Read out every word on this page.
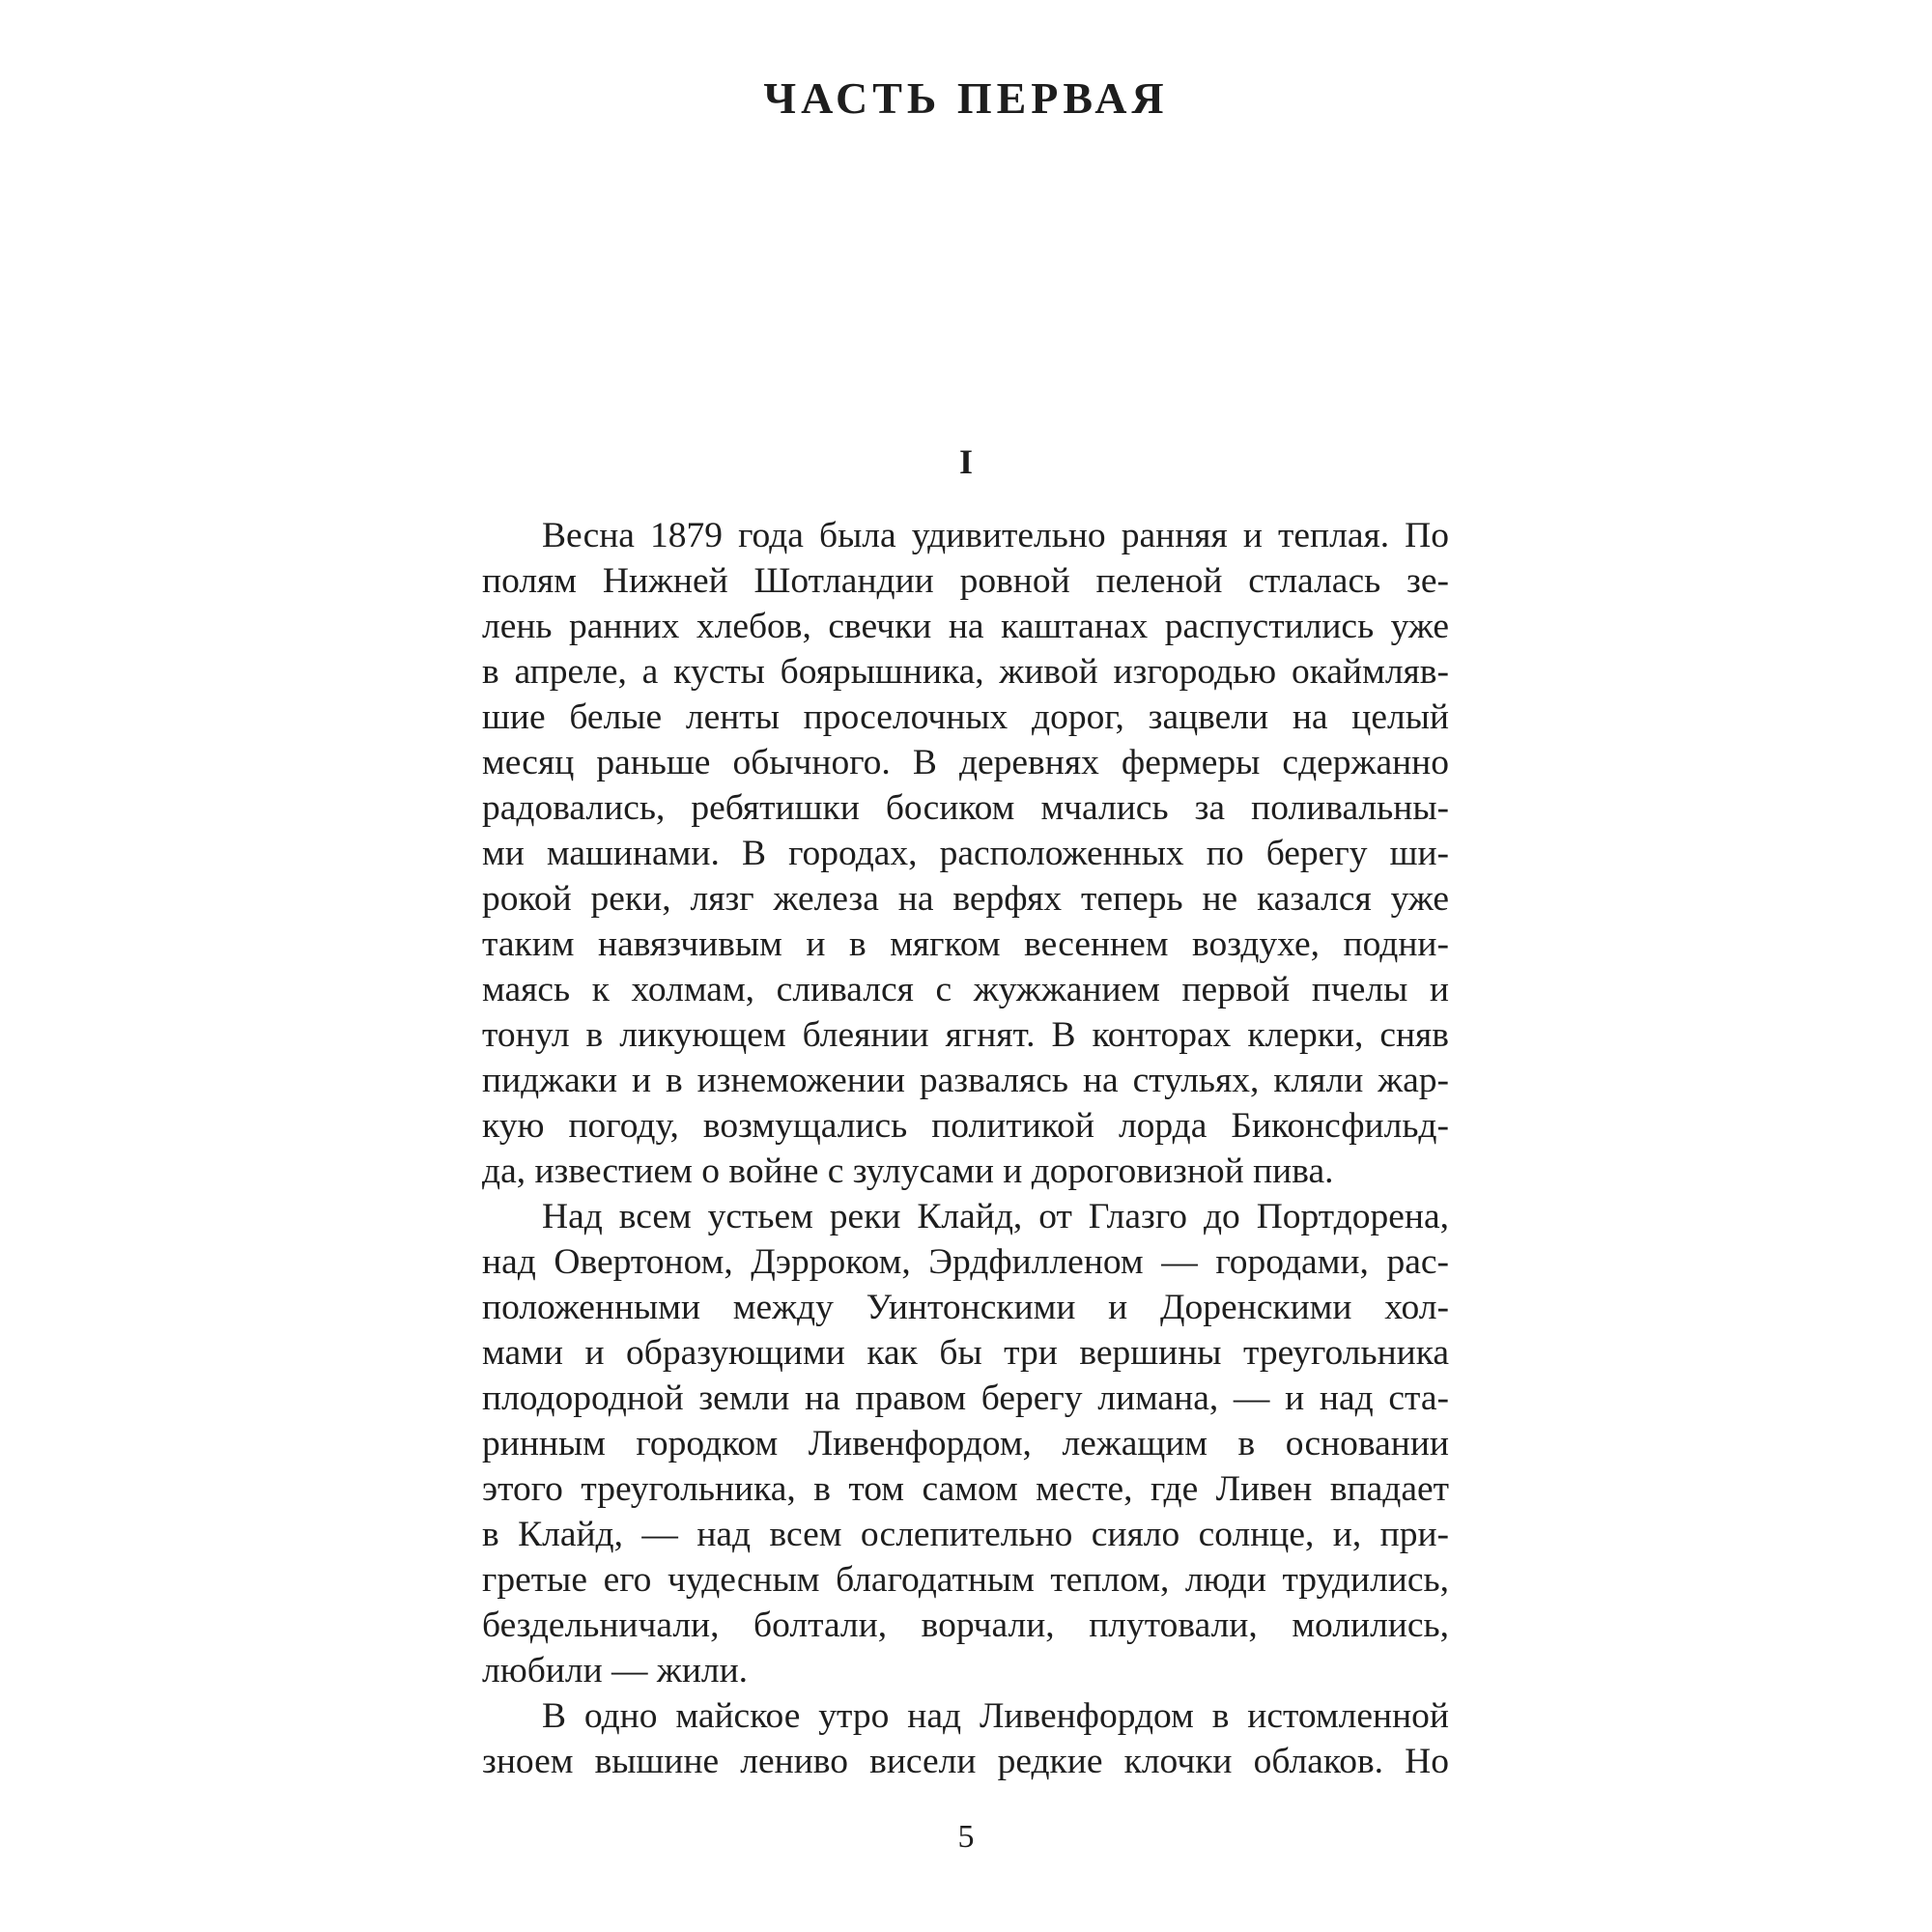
ЧАСТЬ ПЕРВАЯ
I
Весна 1879 года была удивительно ранняя и теплая. По
полям Нижней Шотландии ровной пеленой стлалась зе-
лень ранних хлебов, свечки на каштанах распустились уже
в апреле, а кусты боярышника, живой изгородью окаймляв-
шие белые ленты проселочных дорог, зацвели на целый
месяц раньше обычного. В деревнях фермеры сдержанно
радовались, ребятишки босиком мчались за поливальны-
ми машинами. В городах, расположенных по берегу ши-
рокой реки, лязг железа на верфях теперь не казался уже
таким навязчивым и в мягком весеннем воздухе, подни-
маясь к холмам, сливался с жужжанием первой пчелы и
тонул в ликующем блеянии ягнят. В конторах клерки, сняв
пиджаки и в изнеможении развалясь на стульях, кляли жар-
кую погоду, возмущались политикой лорда Биконсфильд-
да, известием о войне с зулусами и дороговизной пива.
Над всем устьем реки Клайд, от Глазго до Портдорена,
над Овертоном, Дэрроком, Эрдфилленом — городами, рас-
положенными между Уинтонскими и Доренскими хол-
мами и образующими как бы три вершины треугольника
плодородной земли на правом берегу лимана, — и над ста-
ринным городком Ливенфордом, лежащим в основании
этого треугольника, в том самом месте, где Ливен впадает
в Клайд, — над всем ослепительно сияло солнце, и, при-
гретые его чудесным благодатным теплом, люди трудились,
бездельничали, болтали, ворчали, плутовали, молились,
любили — жили.
В одно майское утро над Ливенфордом в истомленной
зноем вышине лениво висели редкие клочки облаков. Но

5
